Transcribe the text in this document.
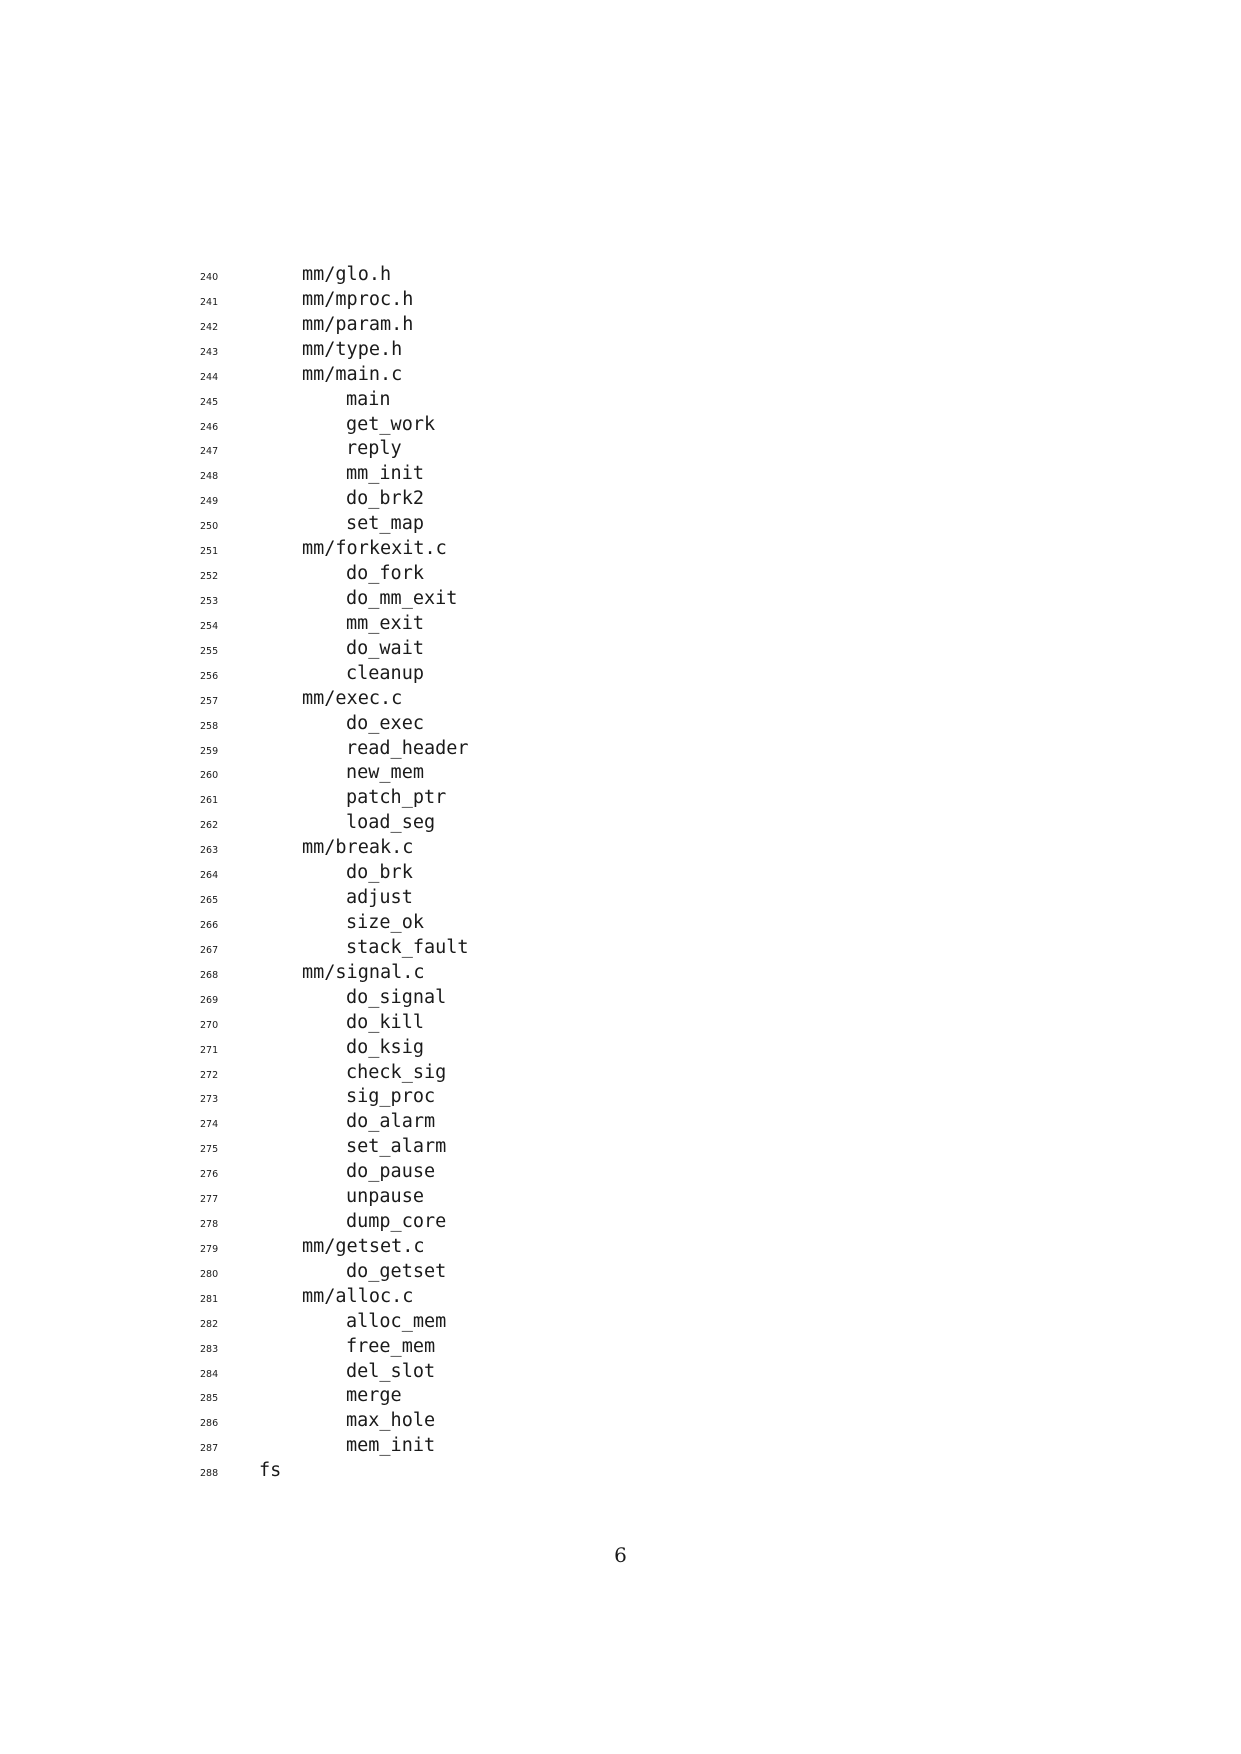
240	mm/glo.h
241	mm/mproc.h
242	mm/param.h
243	mm/type.h
244	mm/main.c
245	main
246	get_work
247	reply
248	mm_init
249	do_brk2
250	set_map
251	mm/forkexit.c
252	do_fork
253	do_mm_exit
254	mm_exit
255	do_wait
256	cleanup
257	mm/exec.c
258	do_exec
259	read_header
260	new_mem
261	patch_ptr
262	load_seg
263	mm/break.c
264	do_brk
265	adjust
266	size_ok
267	stack_fault
268	mm/signal.c
269	do_signal
270	do_kill
271	do_ksig
272	check_sig
273	sig_proc
274	do_alarm
275	set_alarm
276	do_pause
277	unpause
278	dump_core
279	mm/getset.c
280	do_getset
281	mm/alloc.c
282	alloc_mem
283	free_mem
284	del_slot
285	merge
286	max_hole
287	mem_init
288 fs
6
